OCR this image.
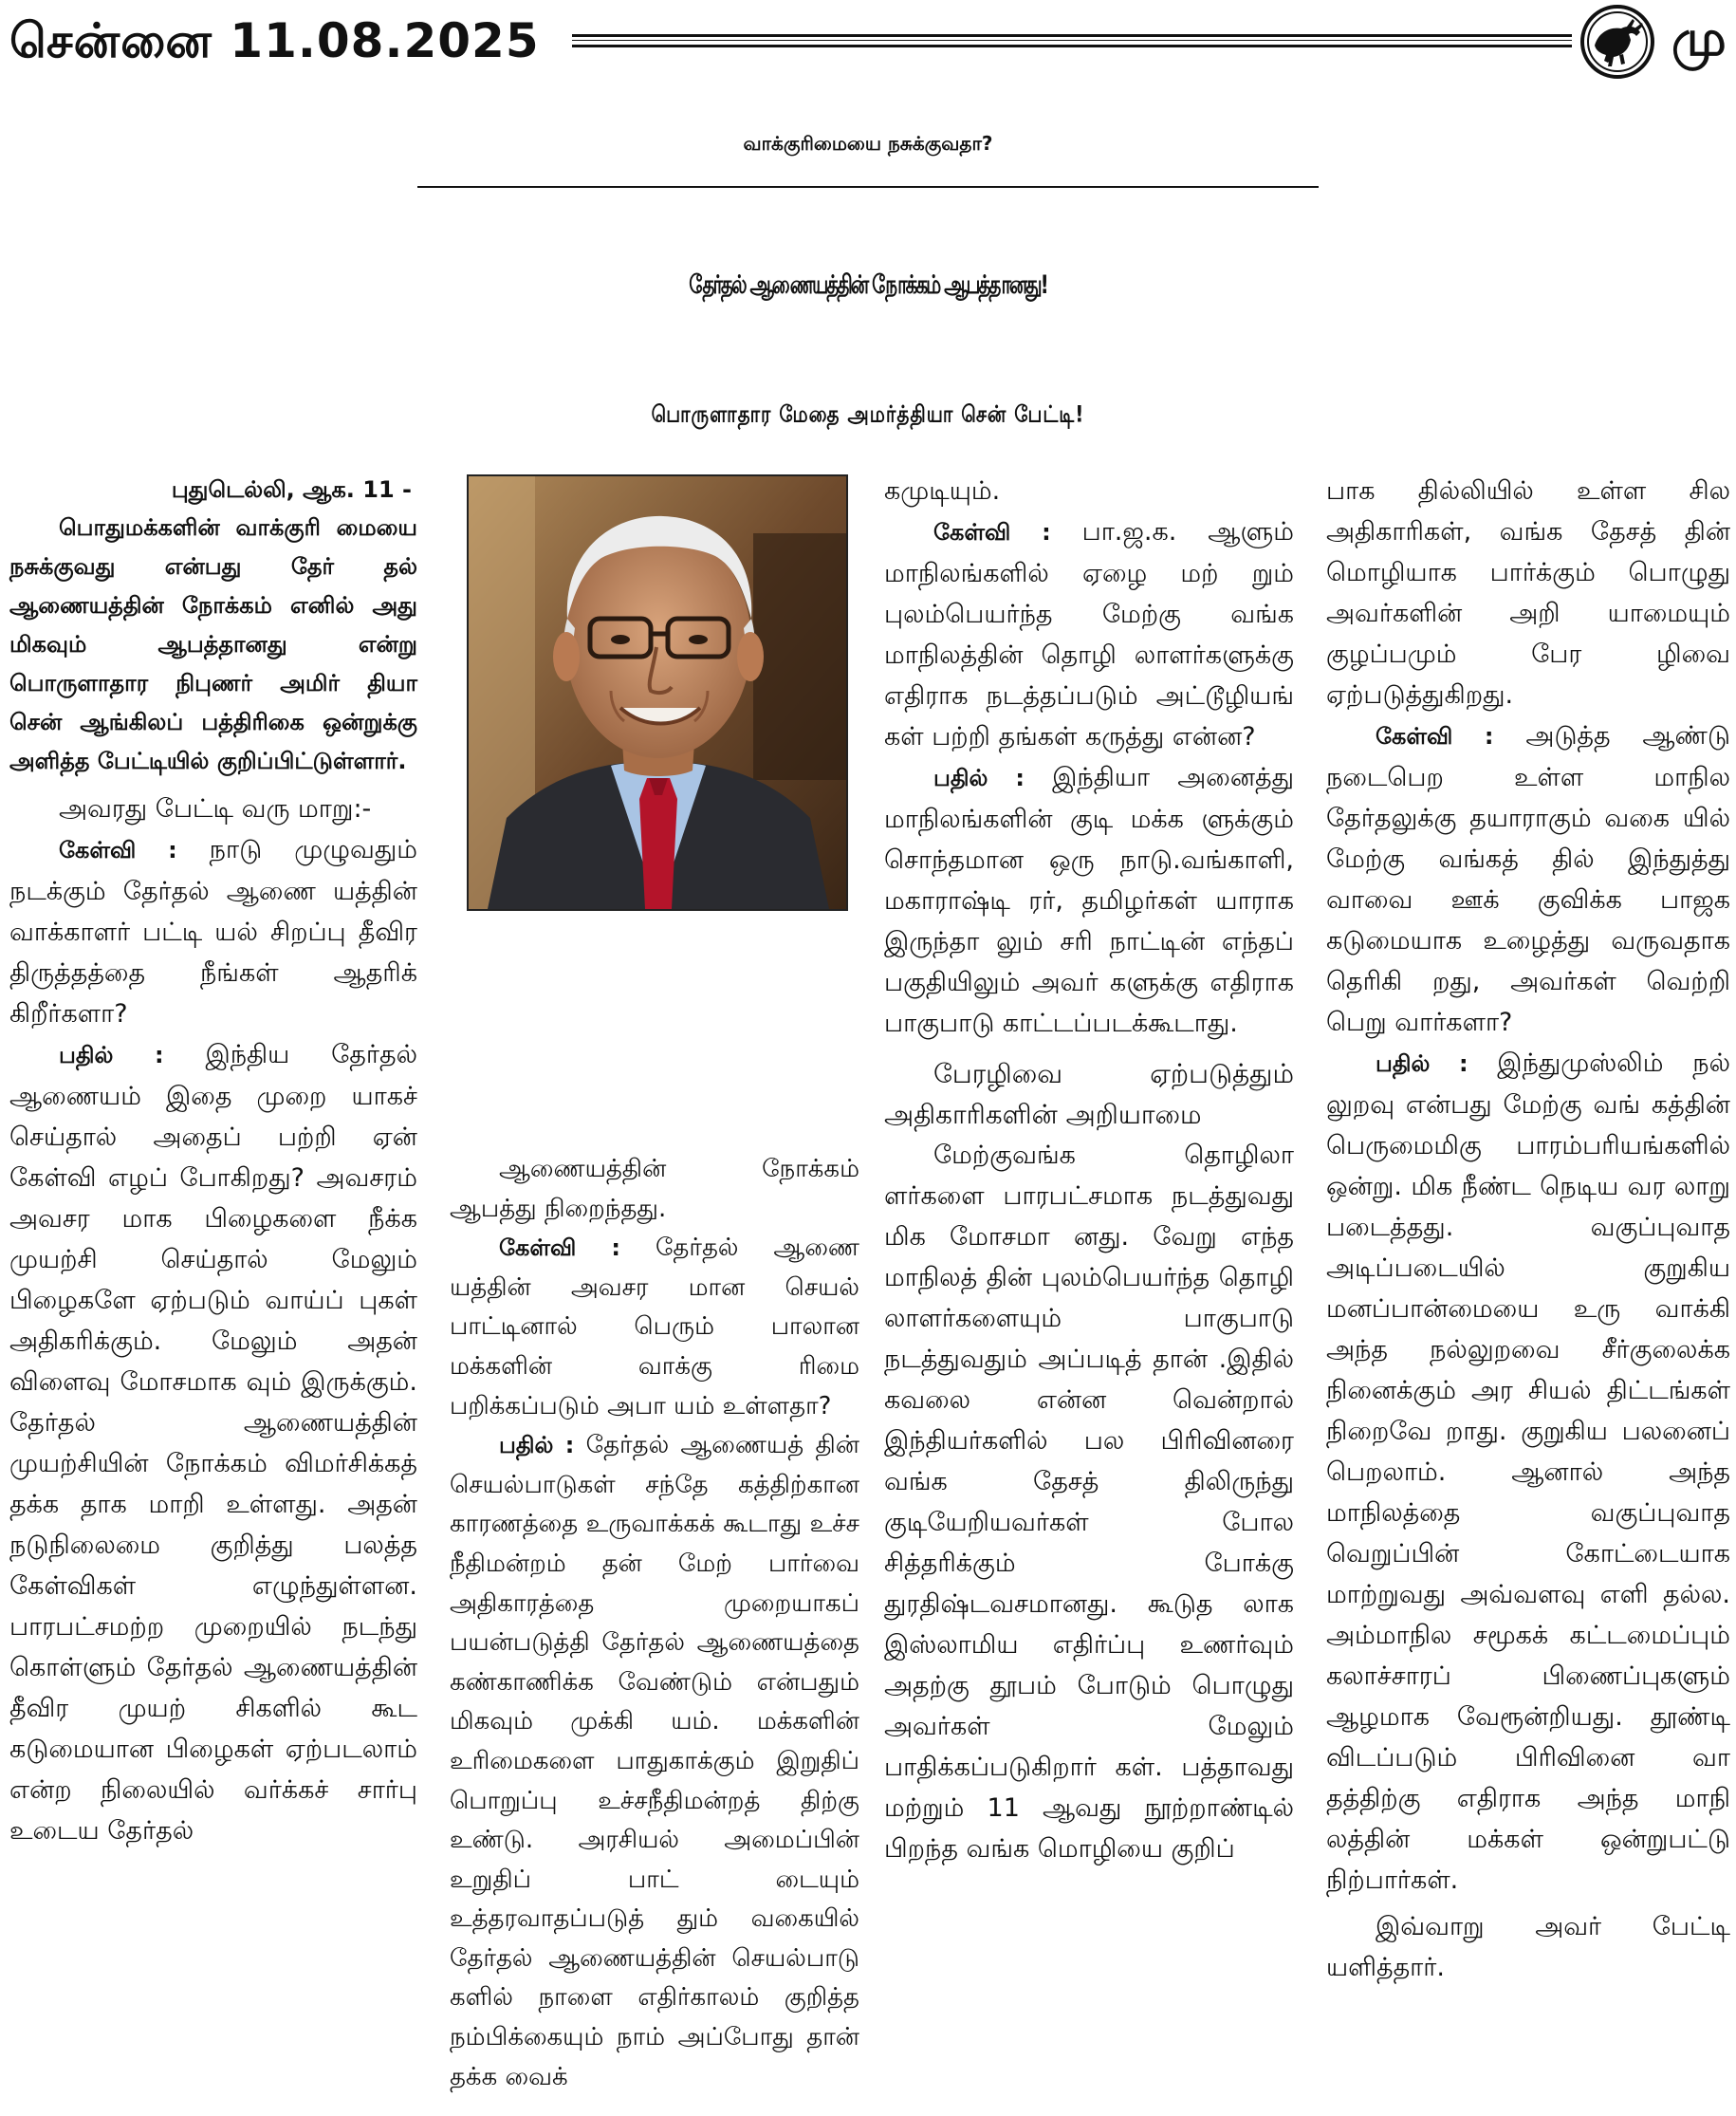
சென்னை 11.08.2025	மு
வாக்குரிமையை நசுக்குவதா?
தேர்தல் ஆணையத்தின் நோக்கம் ஆபத்தானது!
பொருளாதார மேதை அமர்த்தியா சென் பேட்டி!

புதுடெல்லி, ஆக. 11 -

பொதுமக்களின் வாக்குரி மையை நசுக்குவது என்பது தேர் தல் ஆணையத்தின் நோக்கம் எனில் அது மிகவும் ஆபத்தானது என்று பொருளாதார நிபுணர் அமிர் தியா சென் ஆங்கிலப் பத்திரிகை ஒன்றுக்கு அளித்த பேட்டியில் குறிப்பிட்டுள்ளார்.

அவரது பேட்டி வரு மாறு:-

கேள்வி : நாடு முழுவதும் நடக்கும் தேர்தல் ஆணை யத்தின் வாக்காளர் பட்டி யல் சிறப்பு தீவிர திருத்தத்தை நீங்கள் ஆதரிக் கிறீர்களா?

பதில் : இந்திய தேர்தல் ஆணையம் இதை முறை யாகச் செய்தால் அதைப் பற்றி ஏன் கேள்வி எழப் போகிறது? அவசரம் அவசர மாக பிழைகளை நீக்க முயற்சி செய்தால் மேலும் பிழைகளே ஏற்படும் வாய்ப் புகள் அதிகரிக்கும். மேலும் அதன் விளைவு மோசமாக வும் இருக்கும். தேர்தல் ஆணையத்தின் முயற்சியின் நோக்கம் விமர்சிக்கத் தக்க தாக மாறி உள்ளது. அதன் நடுநிலைமை குறித்து பலத்த கேள்விகள் எழுந்துள்ளன. பாரபட்சமற்ற முறையில் நடந்து கொள்ளும் தேர்தல் ஆணையத்தின் தீவிர முயற் சிகளில் கூட கடுமையான பிழைகள் ஏற்படலாம் என்ற நிலையில் வர்க்கச் சார்பு உடைய தேர்தல்

ஆணையத்தின் நோக்கம் ஆபத்து நிறைந்தது.

கேள்வி : தேர்தல் ஆணை யத்தின் அவசர மான செயல் பாட்டினால் பெரும் பாலான மக்களின் வாக்கு ரிமை பறிக்கப்படும் அபா யம் உள்ளதா?

பதில் : தேர்தல் ஆணையத் தின் செயல்பாடுகள் சந்தே கத்திற்கான காரணத்தை உருவாக்கக் கூடாது உச்ச நீதிமன்றம் தன் மேற் பார்வை அதிகாரத்தை முறையாகப் பயன்படுத்தி தேர்தல் ஆணையத்தை கண்காணிக்க வேண்டும் என்பதும் மிகவும் முக்கி யம். மக்களின் உரிமைகளை பாதுகாக்கும் இறுதிப் பொறுப்பு உச்சநீதிமன்றத் திற்கு உண்டு. அரசியல் அமைப்பின் உறுதிப் பாட் டையும் உத்தரவாதப்படுத் தும் வகையில் தேர்தல் ஆணையத்தின் செயல்பாடு களில் நாளை எதிர்காலம் குறித்த நம்பிக்கையும் நாம் அப்போது தான் தக்க வைக்

கமுடியும்.

கேள்வி : பா.ஜ.க. ஆளும் மாநிலங்களில் ஏழை மற் றும் புலம்பெயர்ந்த மேற்கு வங்க மாநிலத்தின் தொழி லாளர்களுக்கு எதிராக நடத்தப்படும் அட்டூழியங் கள் பற்றி தங்கள் கருத்து என்ன?

பதில் : இந்தியா அனைத்து மாநிலங்களின் குடி மக்க ளுக்கும் சொந்தமான ஒரு நாடு.வங்காளி, மகாராஷ்டி ரர், தமிழர்கள் யாராக இருந்தா லும் சரி நாட்டின் எந்தப் பகுதியிலும் அவர் களுக்கு எதிராக பாகுபாடு காட்டப்படக்கூடாது.

பேரழிவை ஏற்படுத்தும் அதிகாரிகளின் அறியாமை

மேற்குவங்க தொழிலா ளர்களை பாரபட்சமாக நடத்துவது மிக மோசமா னது. வேறு எந்த மாநிலத் தின் புலம்பெயர்ந்த தொழி லாளர்களையும் பாகுபாடு நடத்துவதும் அப்படித் தான் .இதில் கவலை என்ன வென்றால் இந்தியர்களில் பல பிரிவினரை வங்க தேசத் திலிருந்து குடியேறியவர்கள் போல சித்தரிக்கும் போக்கு துரதிஷ்டவசமானது. கூடுத லாக இஸ்லாமிய எதிர்ப்பு உணர்வும் அதற்கு தூபம் போடும் பொழுது அவர்கள் மேலும் பாதிக்கப்படுகிறார் கள். பத்தாவது மற்றும் 11 ஆவது நூற்றாண்டில் பிறந்த வங்க மொழியை குறிப்

பாக தில்லியில் உள்ள சில அதிகாரிகள், வங்க தேசத் தின் மொழியாக பார்க்கும் பொழுது அவர்களின் அறி யாமையும் குழப்பமும் பேர ழிவை ஏற்படுத்துகிறது.

கேள்வி : அடுத்த ஆண்டு நடைபெற உள்ள மாநில தேர்தலுக்கு தயாராகும் வகை யில் மேற்கு வங்கத் தில் இந்துத்து வாவை ஊக் குவிக்க பாஜக கடுமையாக உழைத்து வருவதாக தெரிகி றது, அவர்கள் வெற்றி பெறு வார்களா?

பதில் : இந்துமுஸ்லிம் நல் லுறவு என்பது மேற்கு வங் கத்தின் பெருமைமிகு பாரம்பரியங்களில் ஒன்று. மிக நீண்ட நெடிய வர லாறு படைத்தது. வகுப்புவாத அடிப்படையில் குறுகிய மனப்பான்மையை உரு வாக்கி அந்த நல்லுறவை சீர்குலைக்க நினைக்கும் அர சியல் திட்டங்கள் நிறைவே றாது. குறுகிய பலனைப் பெறலாம். ஆனால் அந்த மாநிலத்தை வகுப்புவாத வெறுப்பின் கோட்டையாக மாற்றுவது அவ்வளவு எளி தல்ல. அம்மாநில சமூகக் கட்டமைப்பும் கலாச்சாரப் பிணைப்புகளும் ஆழமாக வேரூன்றியது. தூண்டி விடப்படும் பிரிவினை வா தத்திற்கு எதிராக அந்த மாநி லத்தின் மக்கள் ஒன்றுபட்டு நிற்பார்கள்.

இவ்வாறு அவர் பேட்டி யளித்தார்.
